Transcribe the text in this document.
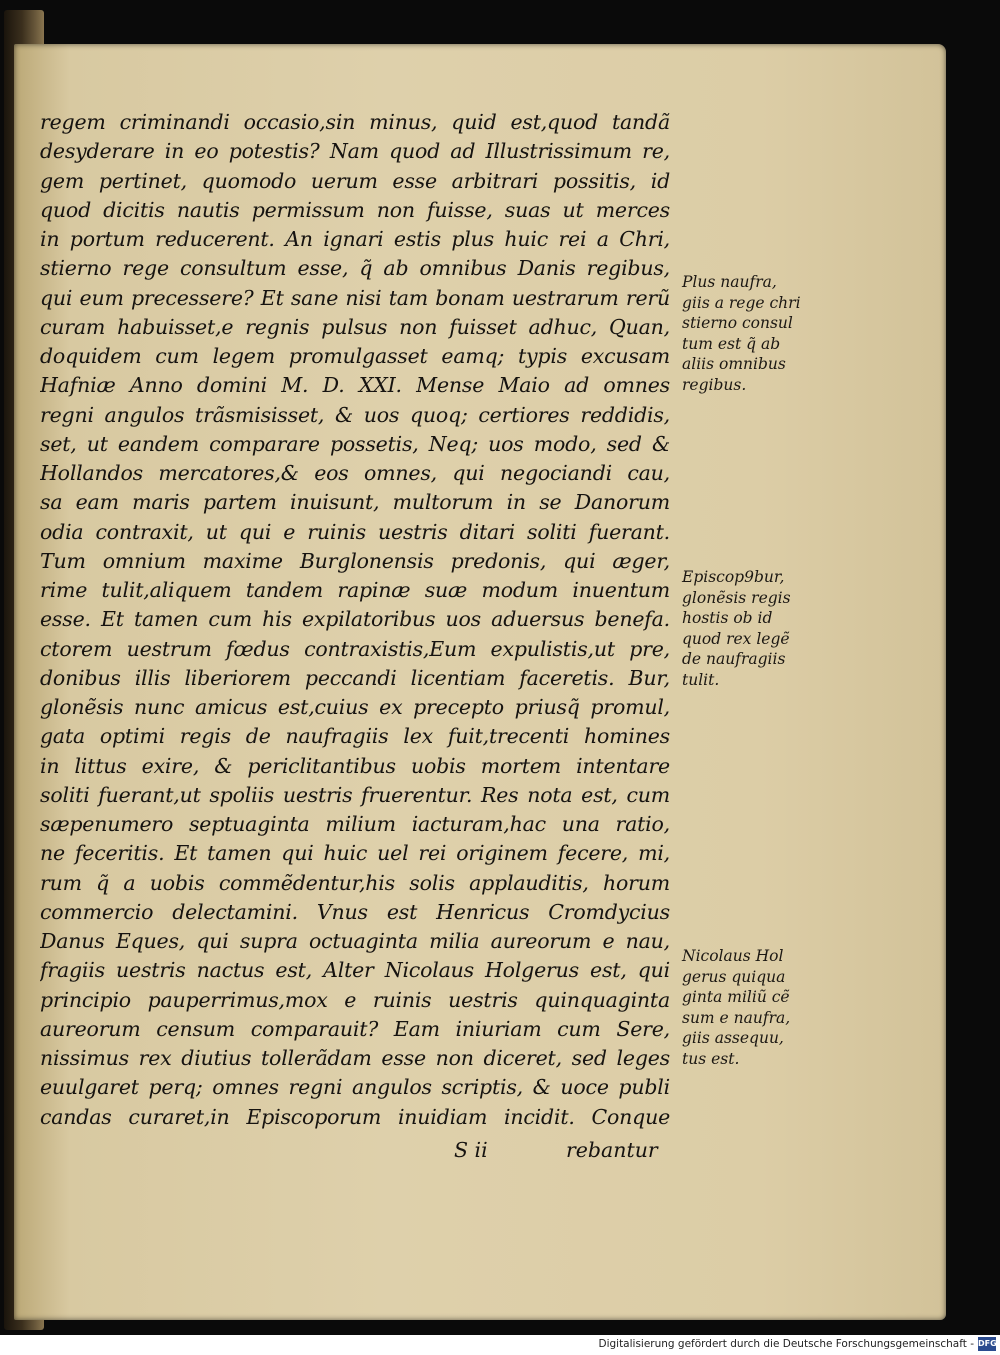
regem criminandi occasio,sin minus, quid est,quod tandã
desyderare in eo potestis? Nam quod ad Illustrissimum re,
gem pertinet, quomodo uerum esse arbitrari possitis, id
quod dicitis nautis permissum non fuisse, suas ut merces
in portum reducerent. An ignari estis plus huic rei a Chri,
stierno rege consultum esse, q̃ ab omnibus Danis regibus,
qui eum precessere? Et sane nisi tam bonam uestrarum rerũ
curam habuisset,e regnis pulsus non fuisset adhuc, Quan,
doquidem cum legem promulgasset eamq; typis excusam
Hafniæ Anno domini M. D. XXI. Mense Maio ad omnes
regni angulos trãsmisisset, & uos quoq; certiores reddidis,
set, ut eandem comparare possetis, Neq; uos modo, sed &
Hollandos mercatores,& eos omnes, qui negociandi cau,
sa eam maris partem inuisunt, multorum in se Danorum
odia contraxit, ut qui e ruinis uestris ditari soliti fuerant.
Tum omnium maxime Burglonensis predonis, qui æger,
rime tulit,aliquem tandem rapinæ suæ modum inuentum
esse. Et tamen cum his expilatoribus uos aduersus benefa.
ctorem uestrum fœdus contraxistis,Eum expulistis,ut pre,
donibus illis liberiorem peccandi licentiam faceretis. Bur,
glonẽsis nunc amicus est,cuius ex precepto priusq̃ promul,
gata optimi regis de naufragiis lex fuit,trecenti homines
in littus exire, & periclitantibus uobis mortem intentare
soliti fuerant,ut spoliis uestris fruerentur. Res nota est, cum
sæpenumero septuaginta milium iacturam,hac una ratio,
ne feceritis. Et tamen qui huic uel rei originem fecere, mi,
rum q̃ a uobis commẽdentur,his solis applauditis, horum
commercio delectamini. Vnus est Henricus Cromdycius
Danus Eques, qui supra octuaginta milia aureorum e nau,
fragiis uestris nactus est, Alter Nicolaus Holgerus est, qui
principio pauperrimus,mox e ruinis uestris quinquaginta
aureorum censum comparauit? Eam iniuriam cum Sere,
nissimus rex diutius tollerãdam esse non diceret, sed leges
euulgaret perq; omnes regni angulos scriptis, & uoce publi
candas curaret,in Episcoporum inuidiam incidit. Conque
S ii	rebantur
Plus naufra,
giis a rege chri
stierno consul
tum est q̃ ab
aliis omnibus
regibus.
Episcop9bur,
glonẽsis regis
hostis ob id
quod rex legẽ
de naufragiis
tulit.
Nicolaus Hol
gerus quiqua
ginta miliũ cẽ
sum e naufra,
giis assequu,
tus est.
Digitalisierung gefördert durch die Deutsche Forschungsgemeinschaft - DFG
